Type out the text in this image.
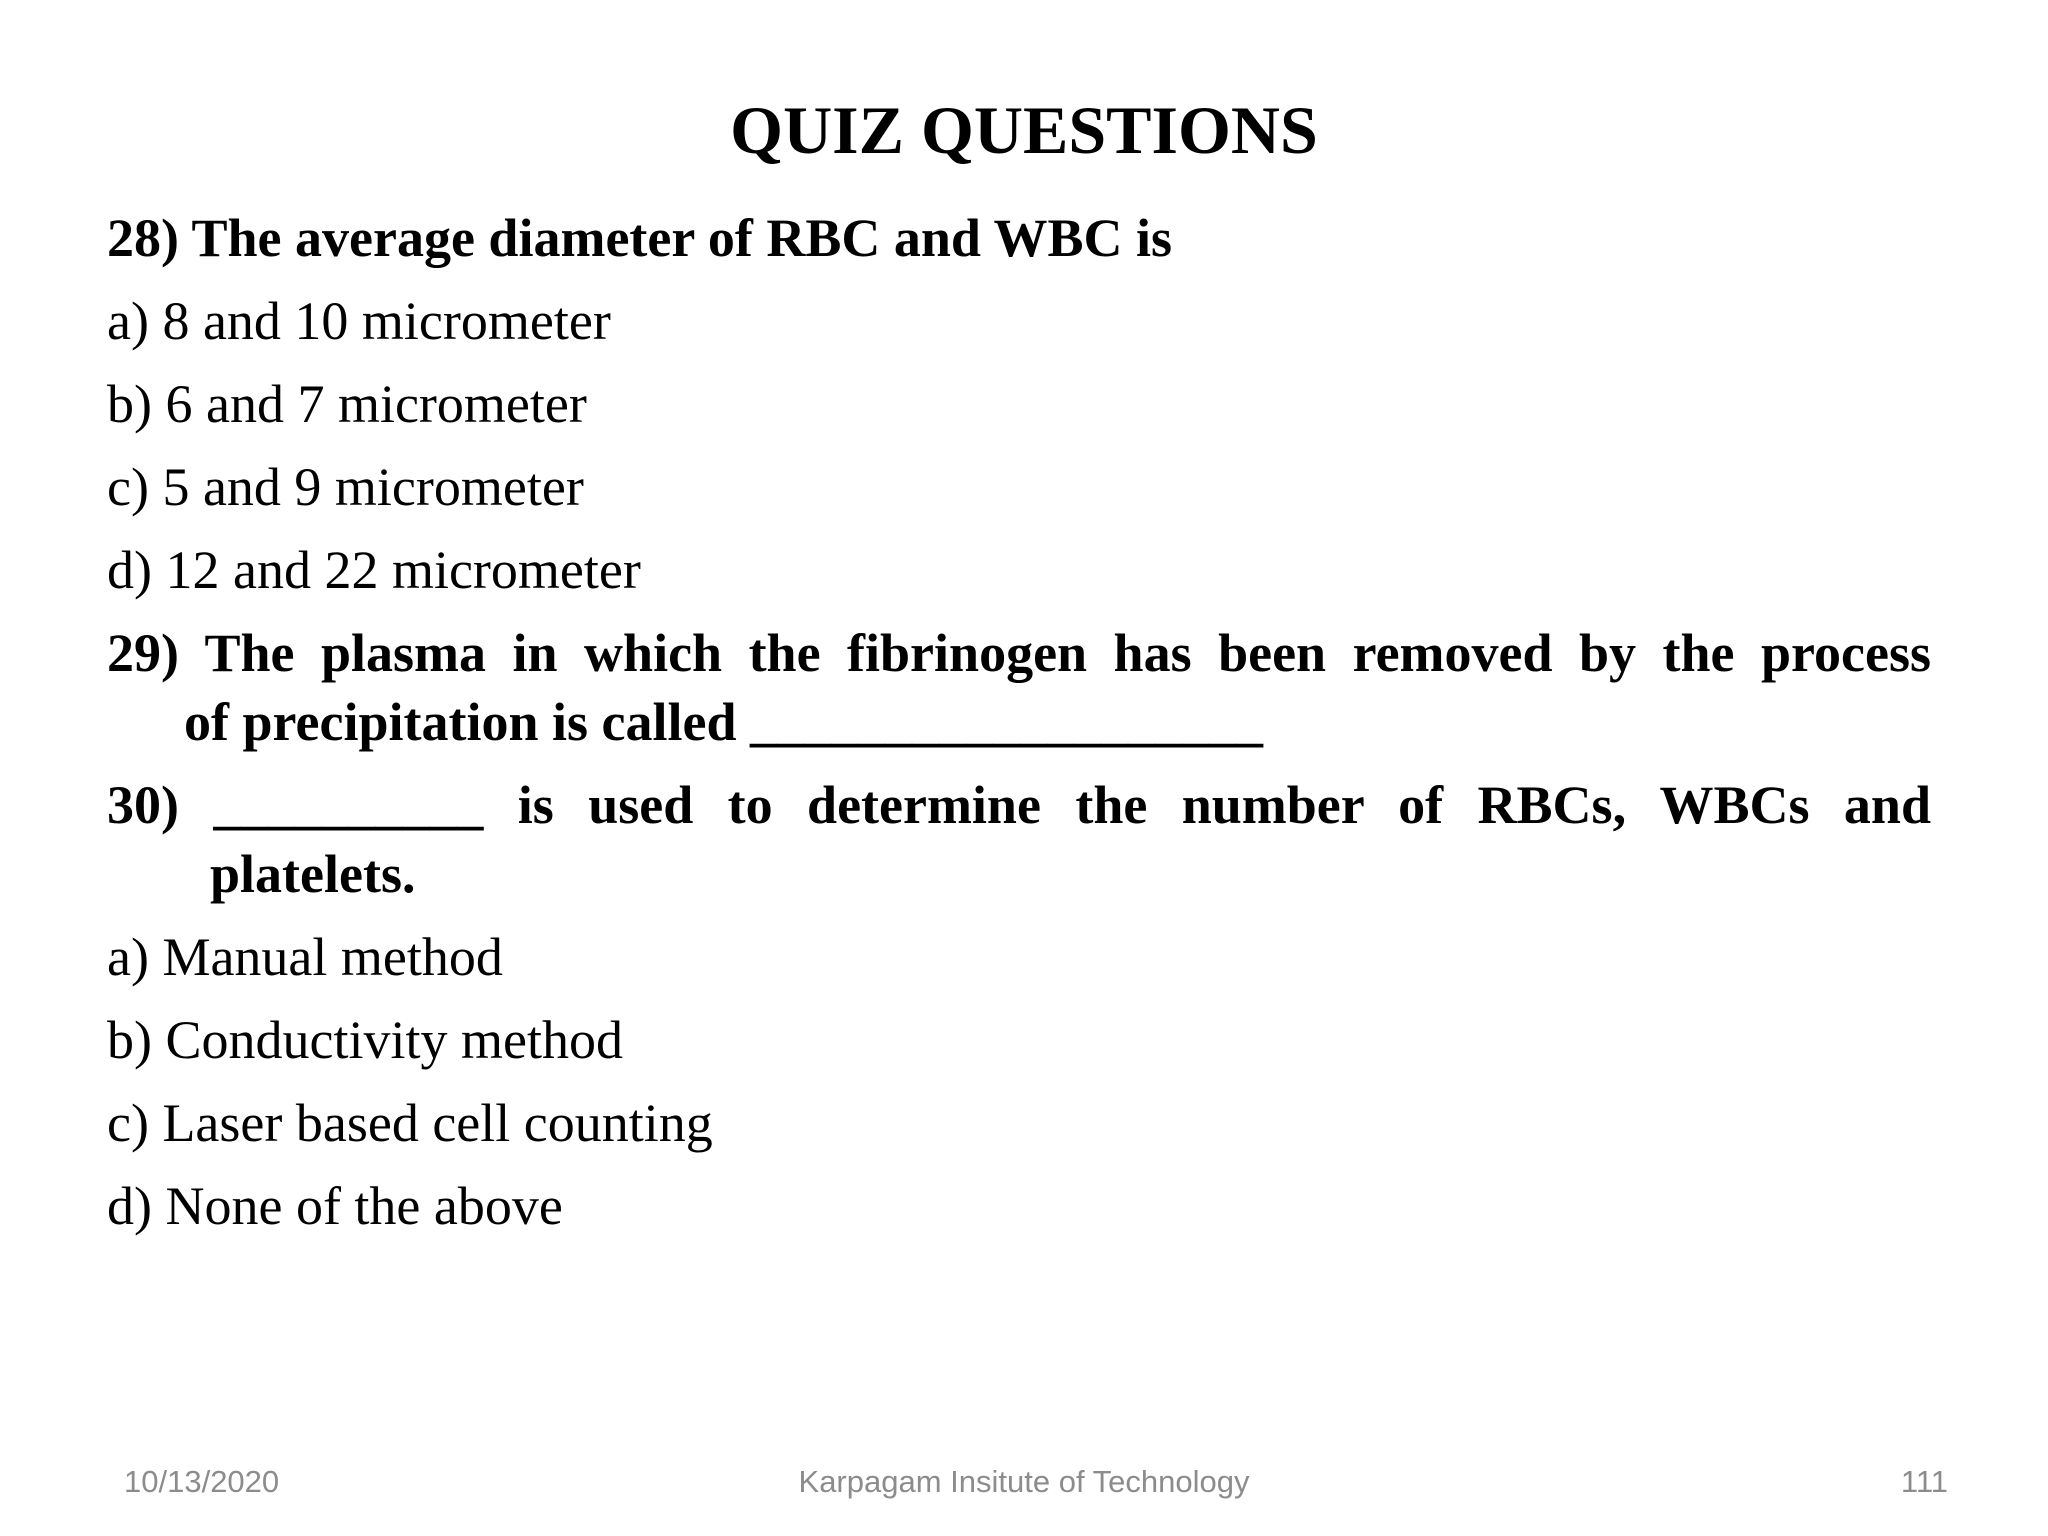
QUIZ QUESTIONS
28) The average diameter of RBC and WBC is
a) 8 and 10 micrometer
b) 6 and 7 micrometer
c) 5 and 9 micrometer
d) 12 and 22 micrometer
29) The plasma in which the fibrinogen has been removed by the process
of precipitation is called ___________________
30) __________ is used to determine the number of RBCs, WBCs and
platelets.
a) Manual method
b) Conductivity method
c) Laser based cell counting
d) None of the above
10/13/2020	Karpagam Insitute of Technology	111
